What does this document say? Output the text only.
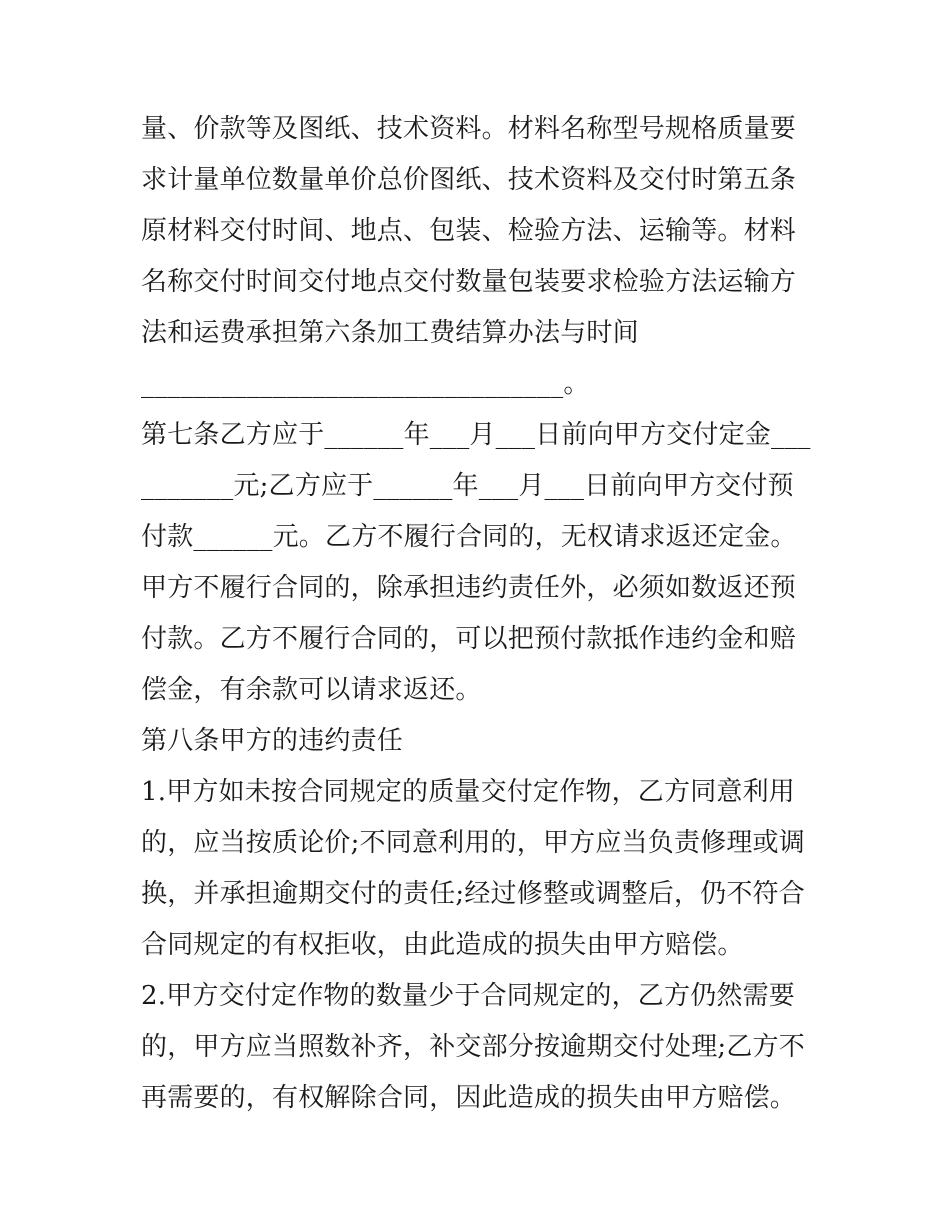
量、价款等及图纸、技术资料。材料名称型号规格质量要求计量单位数量单价总价图纸、技术资料及交付时第五条原材料交付时间、地点、包装、检验方法、运输等。材料名称交付时间交付地点交付数量包装要求检验方法运输方法和运费承担第六条加工费结算办法与时间

________________________________。

第七条乙方应于______年___月___日前向甲方交付定金__________元;乙方应于______年___月___日前向甲方交付预付款______元。乙方不履行合同的，无权请求返还定金。甲方不履行合同的，除承担违约责任外，必须如数返还预付款。乙方不履行合同的，可以把预付款抵作违约金和赔偿金，有余款可以请求返还。

第八条甲方的违约责任

1.甲方如未按合同规定的质量交付定作物，乙方同意利用的，应当按质论价;不同意利用的，甲方应当负责修理或调换，并承担逾期交付的责任;经过修整或调整后，仍不符合合同规定的有权拒收，由此造成的损失由甲方赔偿。

2.甲方交付定作物的数量少于合同规定的，乙方仍然需要的，甲方应当照数补齐，补交部分按逾期交付处理;乙方不再需要的，有权解除合同，因此造成的损失由甲方赔偿。
